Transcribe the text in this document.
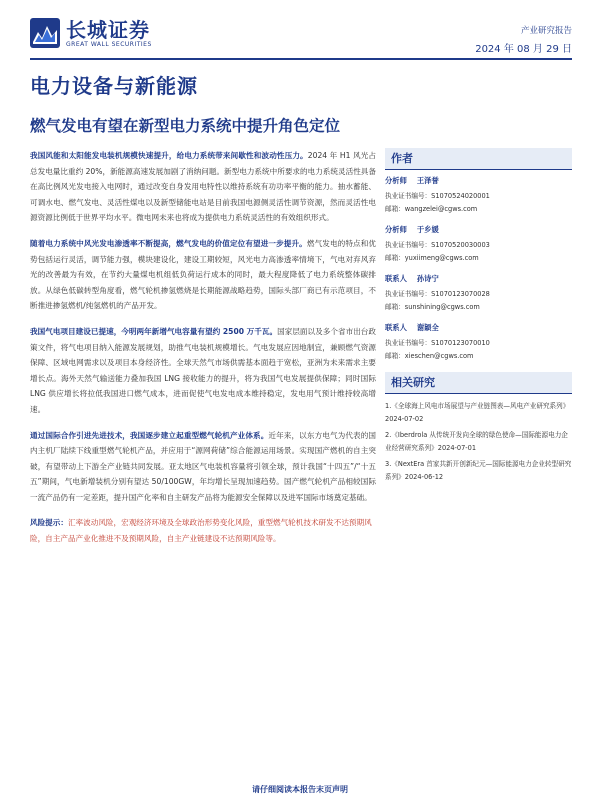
长城证券
GREAT WALL SECURITIES
产业研究报告
2024 年 08 月 29 日
电力设备与新能源
燃气发电有望在新型电力系统中提升角色定位

我国风能和太阳能发电装机规模快速提升，给电力系统带来间歇性和波动性压力。2024 年 H1 风光占总发电量比重约 20%，新能源高速发展加剧了消纳问题。新型电力系统中所要求的电力系统灵活性具备在高比例风光发电接入电网时，通过改变自身发用电特性以维持系统有功功率平衡的能力。抽水蓄能、可调水电、燃气发电、灵活性煤电以及新型储能电站是目前我国电源侧灵活性调节资源，然而灵活性电源资源比例低于世界平均水平。微电网未来也将成为提供电力系统灵活性的有效组织形式。

随着电力系统中风光发电渗透率不断提高，燃气发电的价值定位有望进一步提升。燃气发电的特点和优势包括运行灵活，调节能力强，模块建设化，建设工期较短，风光电力高渗透率情境下，气电对弃风弃光的改善最为有效，在节约大量煤电机组低负荷运行成本的同时，最大程度降低了电力系统整体碳排放。从绿色低碳转型角度看，燃气轮机掺氢燃烧是长期能源战略趋势，国际头部厂商已有示范项目，不断推进掺氢燃机/纯氢燃机的产品开发。

我国气电项目建设已提速，今明两年新增气电容量有望约 2500 万千瓦。国家层面以及多个省市出台政策文件，将气电项目纳入能源发展规划，助推气电装机规模增长。气电发展应因地制宜，兼顾燃气资源保障、区域电网需求以及项目本身经济性。全球天然气市场供需基本面趋于宽松，亚洲为未来需求主要增长点。海外天然气输送能力叠加我国 LNG 接收能力的提升，将为我国气电发展提供保障；同时国际 LNG 供应增长将拉低我国进口燃气成本，进而促使气电发电成本维持稳定，发电用气预计维持较高增速。

通过国际合作引进先进技术，我国逐步建立起重型燃气轮机产业体系。近年来，以东方电气为代表的国内主机厂陆续下线重型燃气轮机产品，并应用于“源网荷储”综合能源运用场景。实现国产燃机的自主突破，有望带动上下游全产业链共同发展。亚太地区气电装机容量将引领全球，预计我国“十四五”/“十五五”期间，气电新增装机分别有望达 50/100GW，年均增长呈现加速趋势。国产燃气轮机产品相较国际一流产品仍有一定差距，提升国产化率和自主研发产品将为能源安全保障以及进军国际市场奠定基础。

风险提示：汇率波动风险，宏观经济环境及全球政治形势变化风险，重型燃气轮机技术研发不达预期风险，自主产品产业化推进不及预期风险，自主产业链建设不达预期风险等。

作者
分析师 王泽誉
执业证书编号：S1070524020001
邮箱：wangzelei@cgws.com
分析师 于乡媛
执业证书编号：S1070520030003
邮箱：yuxiimeng@cgws.com
联系人 孙诗宁
执业证书编号：S1070123070028
邮箱：sunshining@cgws.com
联系人 谢颖全
执业证书编号：S1070123070010
邮箱：xieschen@cgws.com
相关研究
1.《全球海上风电市场展望与产业链图表—风电产业研究系列》2024-07-02
2.《Iberdrola 从传统开发向全球的绿色使命—国际能源电力企业经营研究系列》2024-07-01
3.《NextEra 首家共新开创新纪元—国际能源电力企业转型研究系列》2024-06-12
请仔细阅读本报告末页声明
